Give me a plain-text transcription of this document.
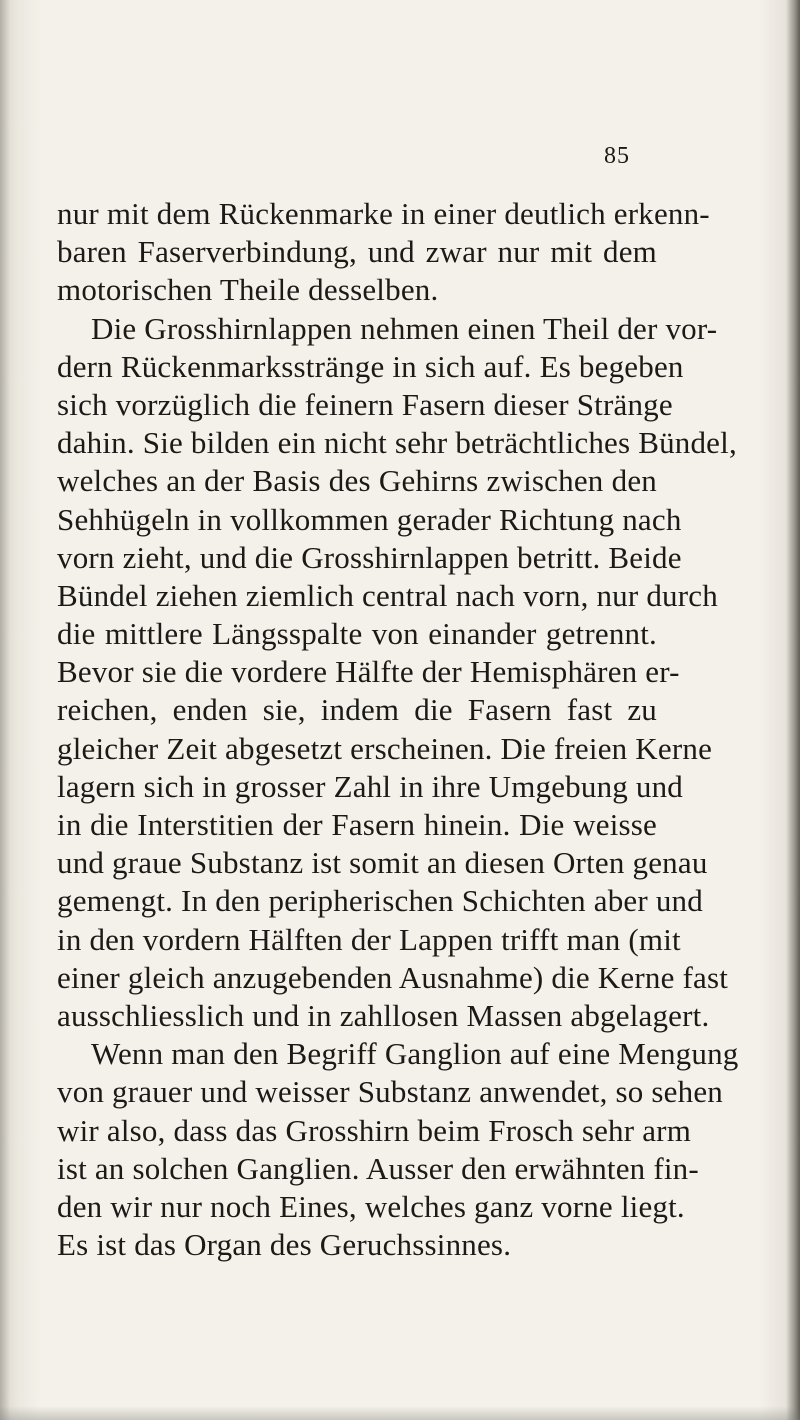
85
nur mit dem Rückenmarke in einer deutlich erkenn-
baren Faserverbindung, und zwar nur mit dem
motorischen Theile desselben.
Die Grosshirnlappen nehmen einen Theil der vor-
dern Rückenmarksstränge in sich auf. Es begeben
sich vorzüglich die feinern Fasern dieser Stränge
dahin. Sie bilden ein nicht sehr beträchtliches Bündel,
welches an der Basis des Gehirns zwischen den
Sehhügeln in vollkommen gerader Richtung nach
vorn zieht, und die Grosshirnlappen betritt. Beide
Bündel ziehen ziemlich central nach vorn, nur durch
die mittlere Längsspalte von einander getrennt.
Bevor sie die vordere Hälfte der Hemisphären er-
reichen, enden sie, indem die Fasern fast zu
gleicher Zeit abgesetzt erscheinen. Die freien Kerne
lagern sich in grosser Zahl in ihre Umgebung und
in die Interstitien der Fasern hinein. Die weisse
und graue Substanz ist somit an diesen Orten genau
gemengt. In den peripherischen Schichten aber und
in den vordern Hälften der Lappen trifft man (mit
einer gleich anzugebenden Ausnahme) die Kerne fast
ausschliesslich und in zahllosen Massen abgelagert.
Wenn man den Begriff Ganglion auf eine Mengung
von grauer und weisser Substanz anwendet, so sehen
wir also, dass das Grosshirn beim Frosch sehr arm
ist an solchen Ganglien. Ausser den erwähnten fin-
den wir nur noch Eines, welches ganz vorne liegt.
Es ist das Organ des Geruchssinnes.
